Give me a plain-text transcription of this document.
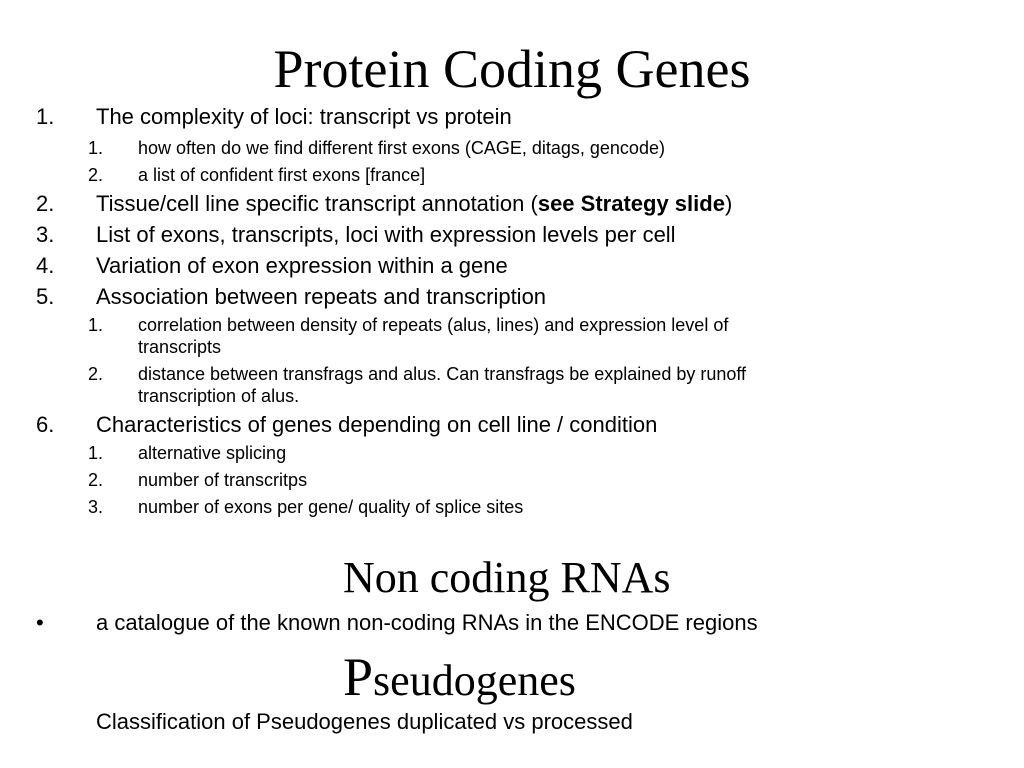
Protein Coding Genes
1. The complexity of loci: transcript vs protein
1. how often do we find different first exons (CAGE, ditags, gencode)
2. a list of confident first exons [france]
2. Tissue/cell line specific transcript annotation (see Strategy slide)
3. List of exons, transcripts, loci with expression levels per cell
4. Variation of exon expression within a gene
5. Association between repeats and transcription
1. correlation between density of repeats (alus, lines) and expression level of
transcripts
2. distance between transfrags and alus. Can transfrags be explained by runoff
transcription of alus.
6. Characteristics of genes depending on cell line / condition
1. alternative splicing
2. number of transcritps
3. number of exons per gene/ quality of splice sites
Non coding RNAs
• a catalogue of the known non-coding RNAs in the ENCODE regions
Pseudogenes
Classification of Pseudogenes duplicated vs processed
